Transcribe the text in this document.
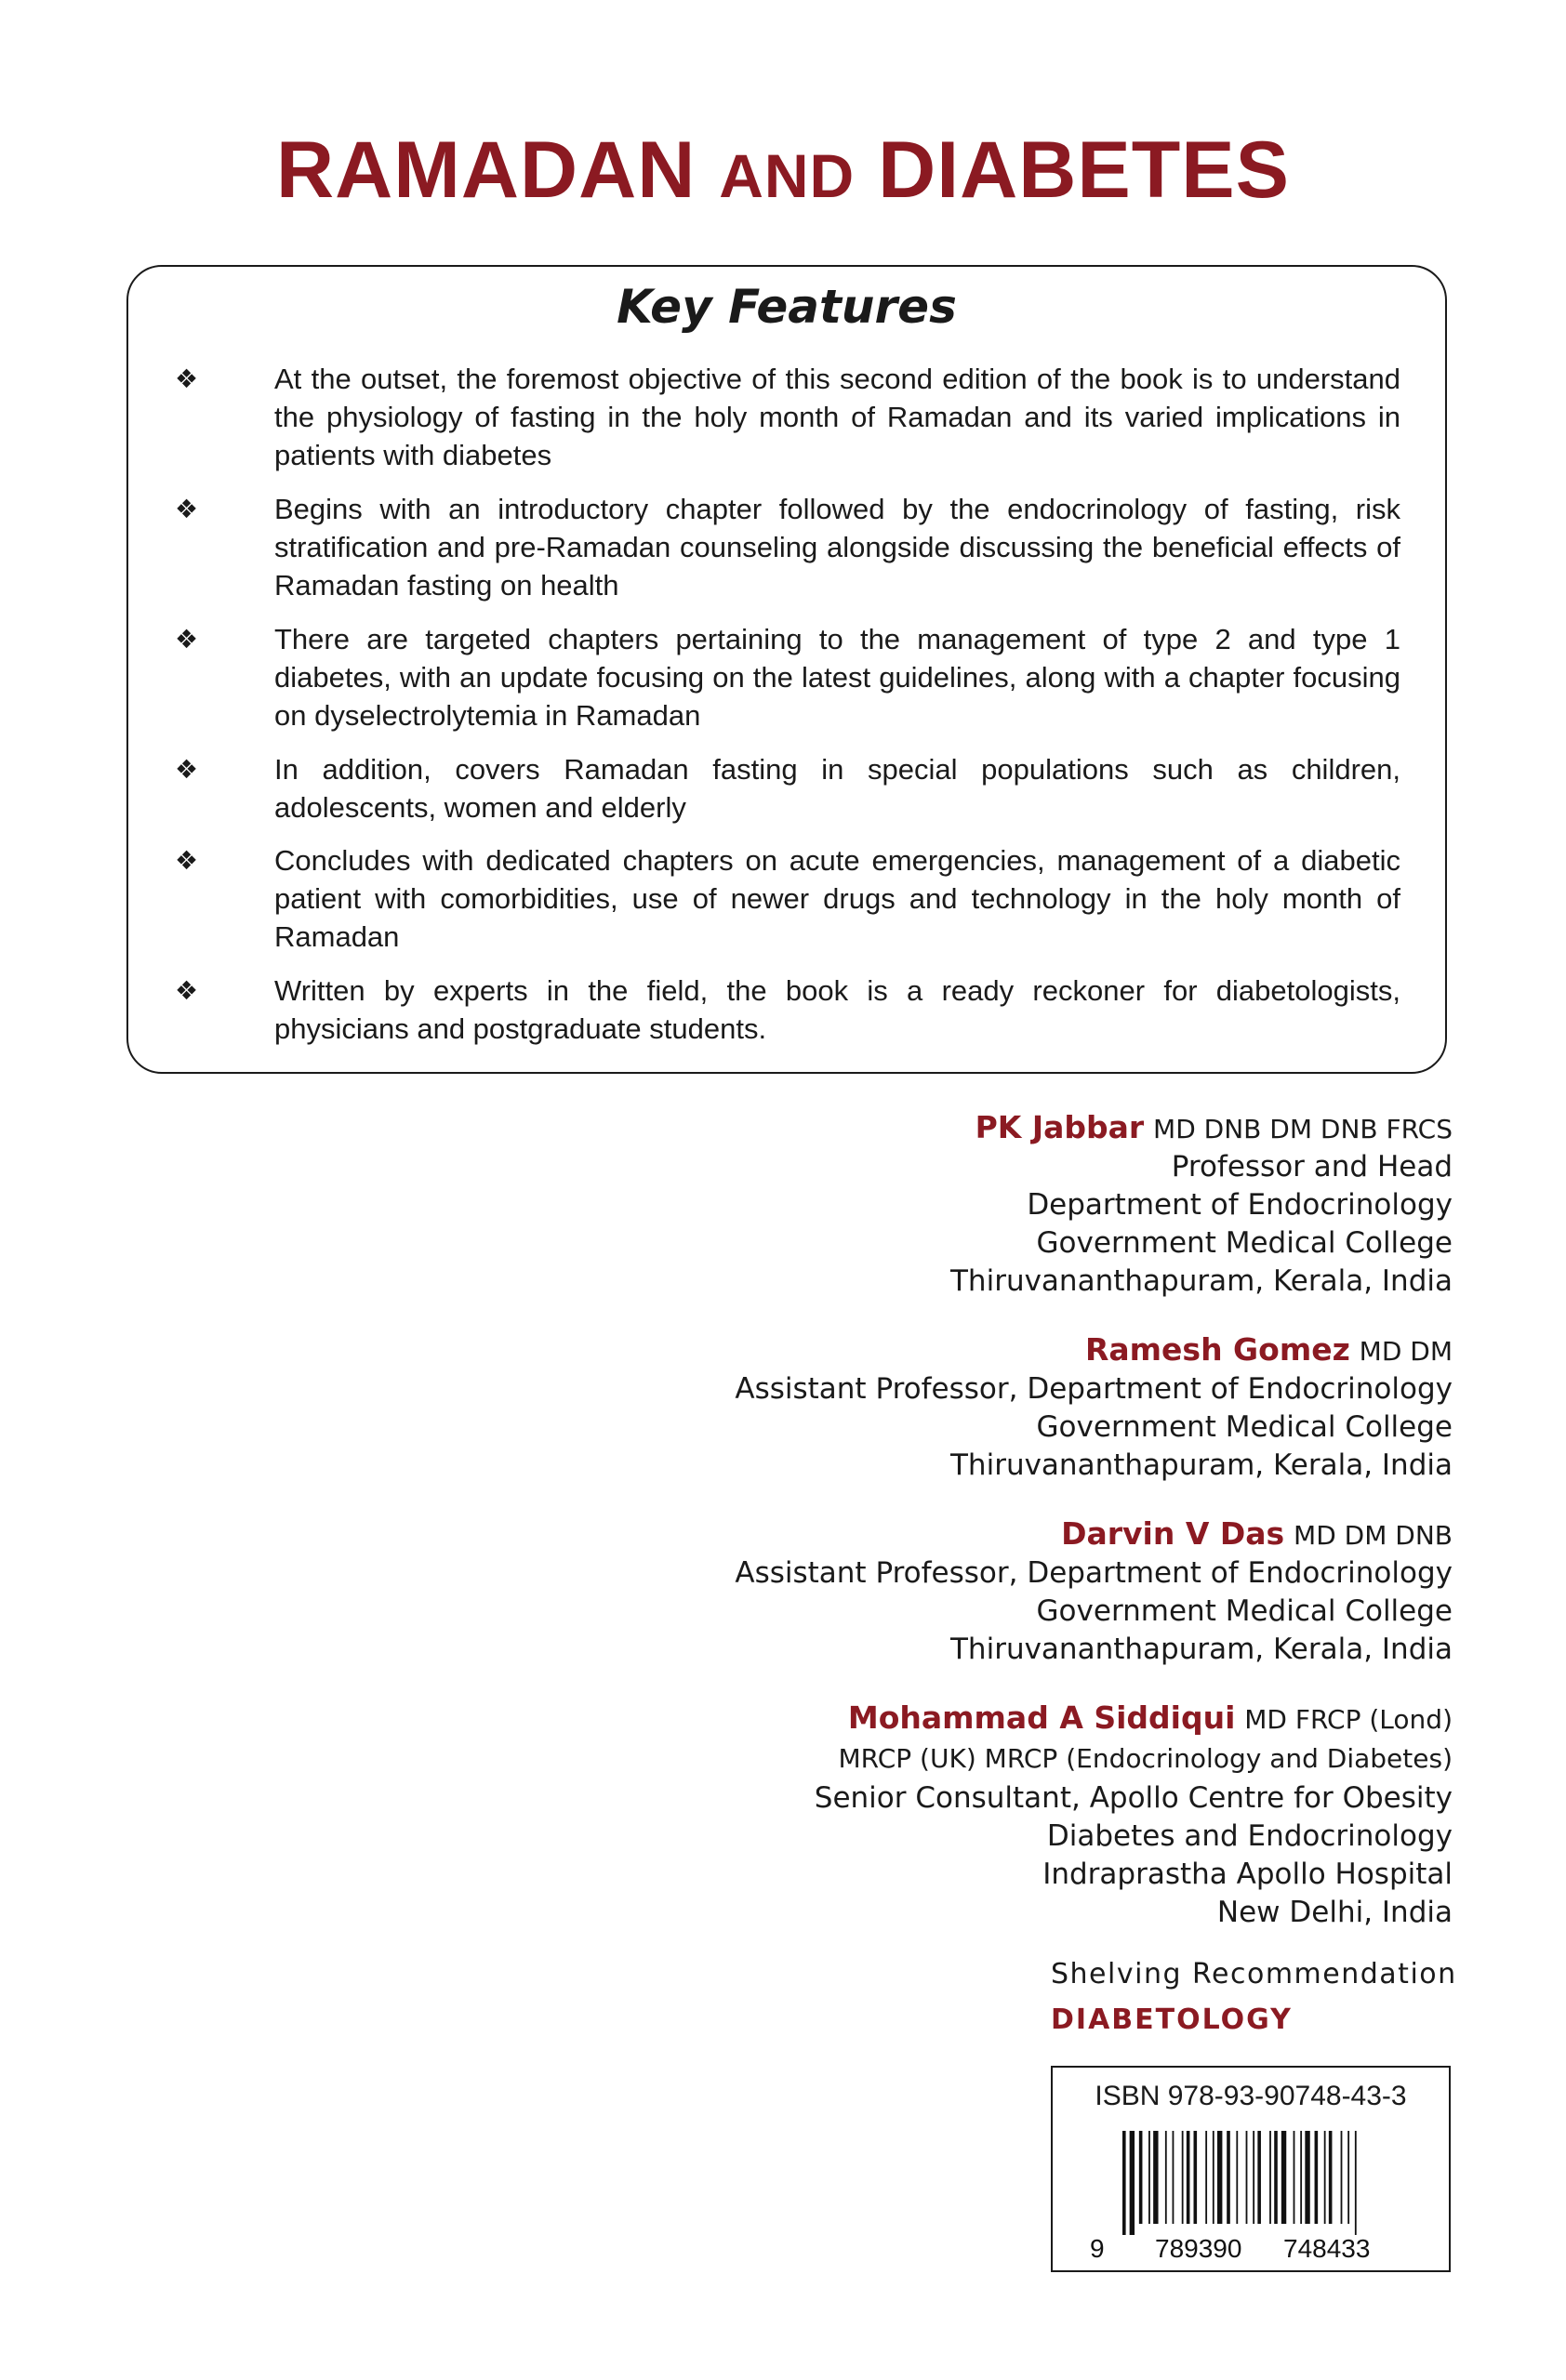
RAMADAN AND DIABETES
Key Features
❖	At the outset, the foremost objective of this second edition of the book is to understand the physiology of fasting in the holy month of Ramadan and its varied implications in patients with diabetes
❖	Begins with an introductory chapter followed by the endocrinology of fasting, risk stratification and pre-Ramadan counseling alongside discussing the beneficial effects of Ramadan fasting on health
❖	There are targeted chapters pertaining to the management of type 2 and type 1 diabetes, with an update focusing on the latest guidelines, along with a chapter focusing on dyselectrolytemia in Ramadan
❖	In addition, covers Ramadan fasting in special populations such as children, adolescents, women and elderly
❖	Concludes with dedicated chapters on acute emergencies, management of a diabetic patient with comorbidities, use of newer drugs and technology in the holy month of Ramadan
❖	Written by experts in the field, the book is a ready reckoner for diabetologists, physicians and postgraduate students.
PK Jabbar MD DNB DM DNB FRCS
Professor and Head
Department of Endocrinology
Government Medical College
Thiruvananthapuram, Kerala, India
Ramesh Gomez MD DM
Assistant Professor, Department of Endocrinology
Government Medical College
Thiruvananthapuram, Kerala, India
Darvin V Das MD DM DNB
Assistant Professor, Department of Endocrinology
Government Medical College
Thiruvananthapuram, Kerala, India
Mohammad A Siddiqui MD FRCP (Lond)
MRCP (UK) MRCP (Endocrinology and Diabetes)
Senior Consultant, Apollo Centre for Obesity
Diabetes and Endocrinology
Indraprastha Apollo Hospital
New Delhi, India
Shelving Recommendation
DIABETOLOGY
ISBN 978-93-90748-43-3
9 789390 748433
